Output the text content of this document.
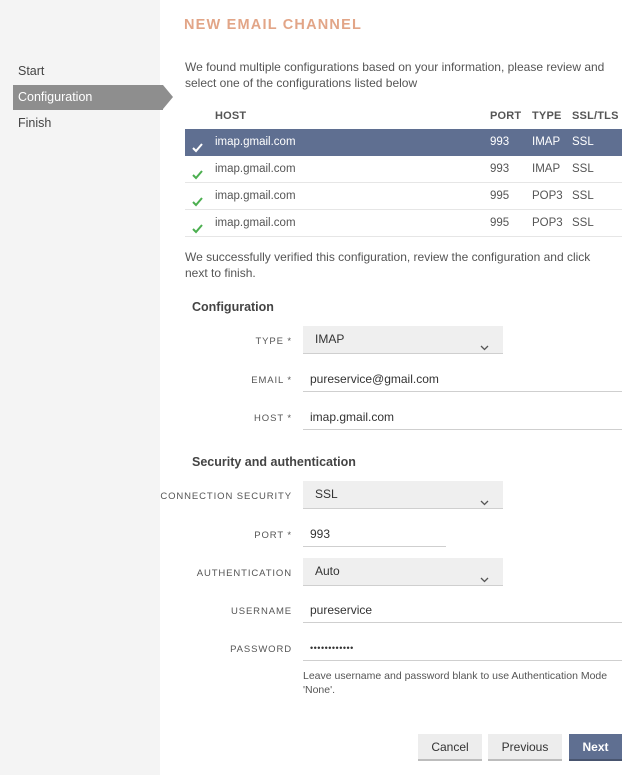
Start
Configuration
Finish
NEW EMAIL CHANNEL
We found multiple configurations based on your information, please review and select one of the configurations listed below
HOST	PORT TYPE SSL/TLS
imap.gmail.com	993 IMAP SSL
imap.gmail.com	993 IMAP SSL
imap.gmail.com	995 POP3 SSL
imap.gmail.com	995 POP3 SSL
We successfully verified this configuration, review the configuration and click next to finish.
Configuration
TYPE *	IMAP
EMAIL *	pureservice@gmail.com
HOST *	imap.gmail.com
Security and authentication
CONNECTION SECURITY	SSL
PORT *	993
AUTHENTICATION	Auto
USERNAME	pureservice
PASSWORD	••••••••••••
Leave username and password blank to use Authentication Mode 'None'.
Cancel	Previous	Next
